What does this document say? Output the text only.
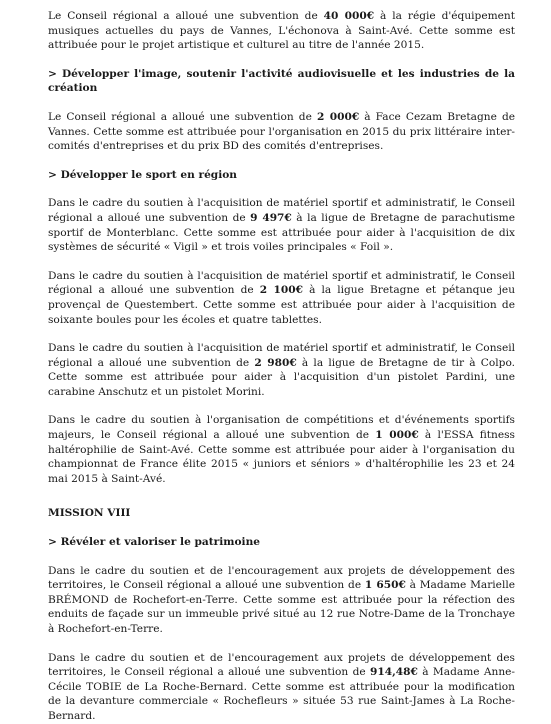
Le Conseil régional a alloué une subvention de 40 000€ à la régie d'équipement musiques actuelles du pays de Vannes, L'échonova à Saint-Avé. Cette somme est attribuée pour le projet artistique et culturel au titre de l'année 2015.

> Développer l'image, soutenir l'activité audiovisuelle et les industries de la création

Le Conseil régional a alloué une subvention de 2 000€ à Face Cezam Bretagne de Vannes. Cette somme est attribuée pour l'organisation en 2015 du prix littéraire inter-comités d'entreprises et du prix BD des comités d'entreprises.

> Développer le sport en région

Dans le cadre du soutien à l'acquisition de matériel sportif et administratif, le Conseil régional a alloué une subvention de 9 497€ à la ligue de Bretagne de parachutisme sportif de Monterblanc. Cette somme est attribuée pour aider à l'acquisition de dix systèmes de sécurité « Vigil » et trois voiles principales « Foil ».

Dans le cadre du soutien à l'acquisition de matériel sportif et administratif, le Conseil régional a alloué une subvention de 2 100€ à la ligue Bretagne et pétanque jeu provençal de Questembert. Cette somme est attribuée pour aider à l'acquisition de soixante boules pour les écoles et quatre tablettes.

Dans le cadre du soutien à l'acquisition de matériel sportif et administratif, le Conseil régional a alloué une subvention de 2 980€ à la ligue de Bretagne de tir à Colpo. Cette somme est attribuée pour aider à l'acquisition d'un pistolet Pardini, une carabine Anschutz et un pistolet Morini.

Dans le cadre du soutien à l'organisation de compétitions et d'événements sportifs majeurs, le Conseil régional a alloué une subvention de 1 000€ à l'ESSA fitness haltérophilie de Saint-Avé. Cette somme est attribuée pour aider à l'organisation du championnat de France élite 2015 « juniors et séniors » d'haltérophilie les 23 et 24 mai 2015 à Saint-Avé.

MISSION VIII

> Révéler et valoriser le patrimoine

Dans le cadre du soutien et de l'encouragement aux projets de développement des territoires, le Conseil régional a alloué une subvention de 1 650€ à Madame Marielle BRÉMOND de Rochefort-en-Terre. Cette somme est attribuée pour la réfection des enduits de façade sur un immeuble privé situé au 12 rue Notre-Dame de la Tronchaye à Rochefort-en-Terre.

Dans le cadre du soutien et de l'encouragement aux projets de développement des territoires, le Conseil régional a alloué une subvention de 914,48€ à Madame Anne-Cécile TOBIE de La Roche-Bernard. Cette somme est attribuée pour la modification de la devanture commerciale « Rochefleurs » située 53 rue Saint-James à La Roche-Bernard.
